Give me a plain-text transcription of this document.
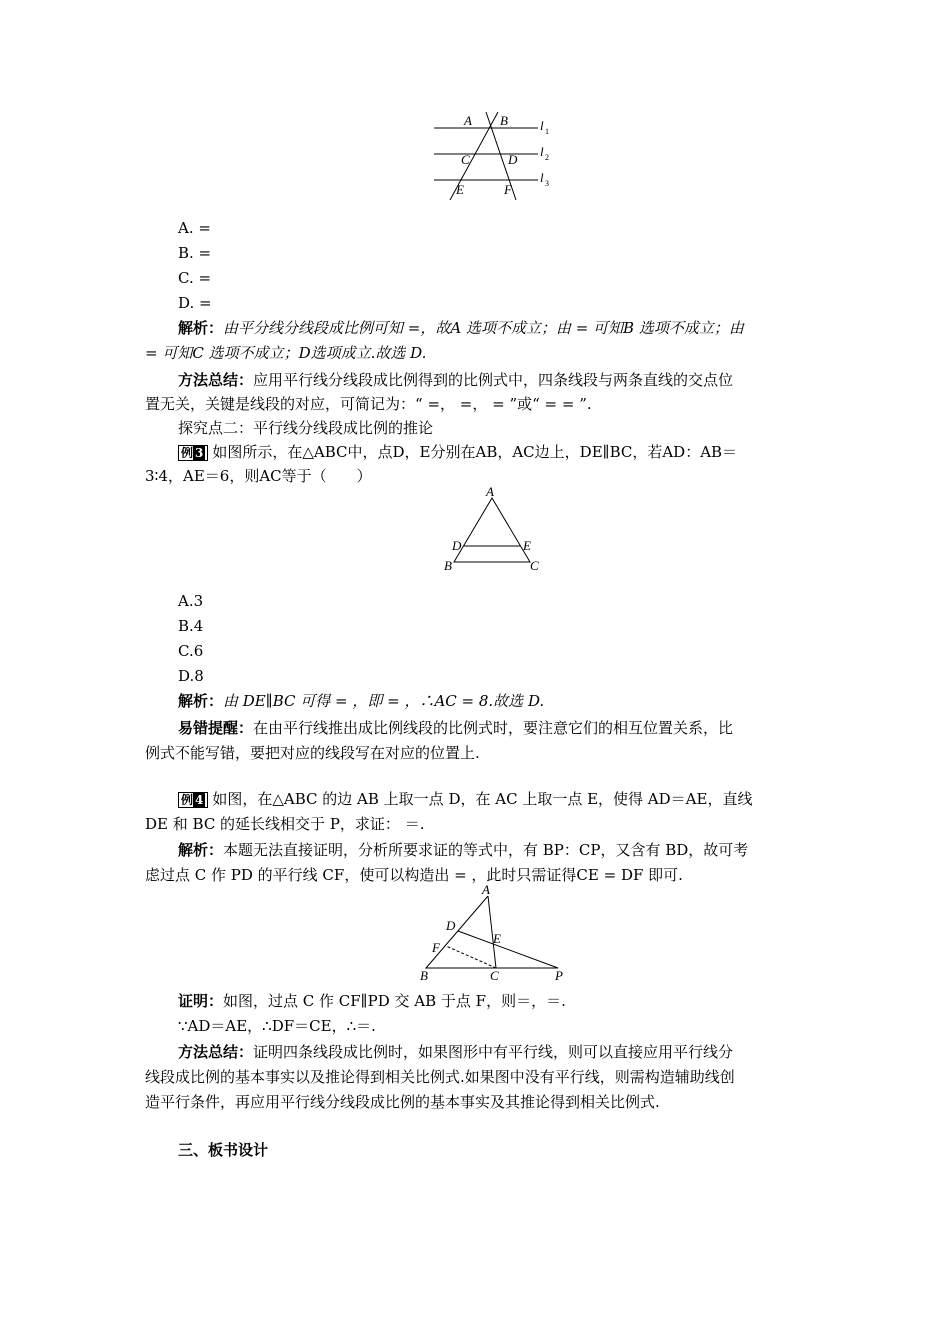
A B
C	D
E	F
l 1
l 2
l 3
A. =
B. =
C. =
D. =
解析：由平分线分线段成比例可知 =，故A 选项不成立；由 = 可知B 选项不成立；由
= 可知C 选项不成立；D选项成立.故选 D.
方法总结：应用平行线分线段成比例得到的比例式中，四条线段与两条直线的交点位
置无关，关键是线段的对应，可简记为：“ =， =， = ”或“ = = ”.
探究点二：平行线分线段成比例的推论
例 3 如图所示，在△ABC中，点D，E分别在AB，AC边上，DE∥BC，若AD：AB＝
3∶4，AE＝6，则AC等于（　　）
A
D	E
B	C
A.3
B.4
C.6
D.8
解析：由 DE∥BC 可得 = ，即 = ，∴AC = 8.故选 D.
易错提醒：在由平行线推出成比例线段的比例式时，要注意它们的相互位置关系，比
例式不能写错，要把对应的线段写在对应的位置上.
例 4 如图，在△ABC 的边 AB 上取一点 D，在 AC 上取一点 E，使得 AD＝AE，直线
DE 和 BC 的延长线相交于 P，求证： ＝.
解析：本题无法直接证明，分析所要求证的等式中，有 BP：CP，又含有 BD，故可考
虑过点 C 作 PD 的平行线 CF，使可以构造出 = ，此时只需证得CE = DF 即可.
A
D
E
F
B	C	P
证明：如图，过点 C 作 CF∥PD 交 AB 于点 F，则＝，＝.
∵AD＝AE，∴DF＝CE，∴＝.
方法总结：证明四条线段成比例时，如果图形中有平行线，则可以直接应用平行线分
线段成比例的基本事实以及推论得到相关比例式.如果图中没有平行线，则需构造辅助线创
造平行条件，再应用平行线分线段成比例的基本事实及其推论得到相关比例式.
三、板书设计
